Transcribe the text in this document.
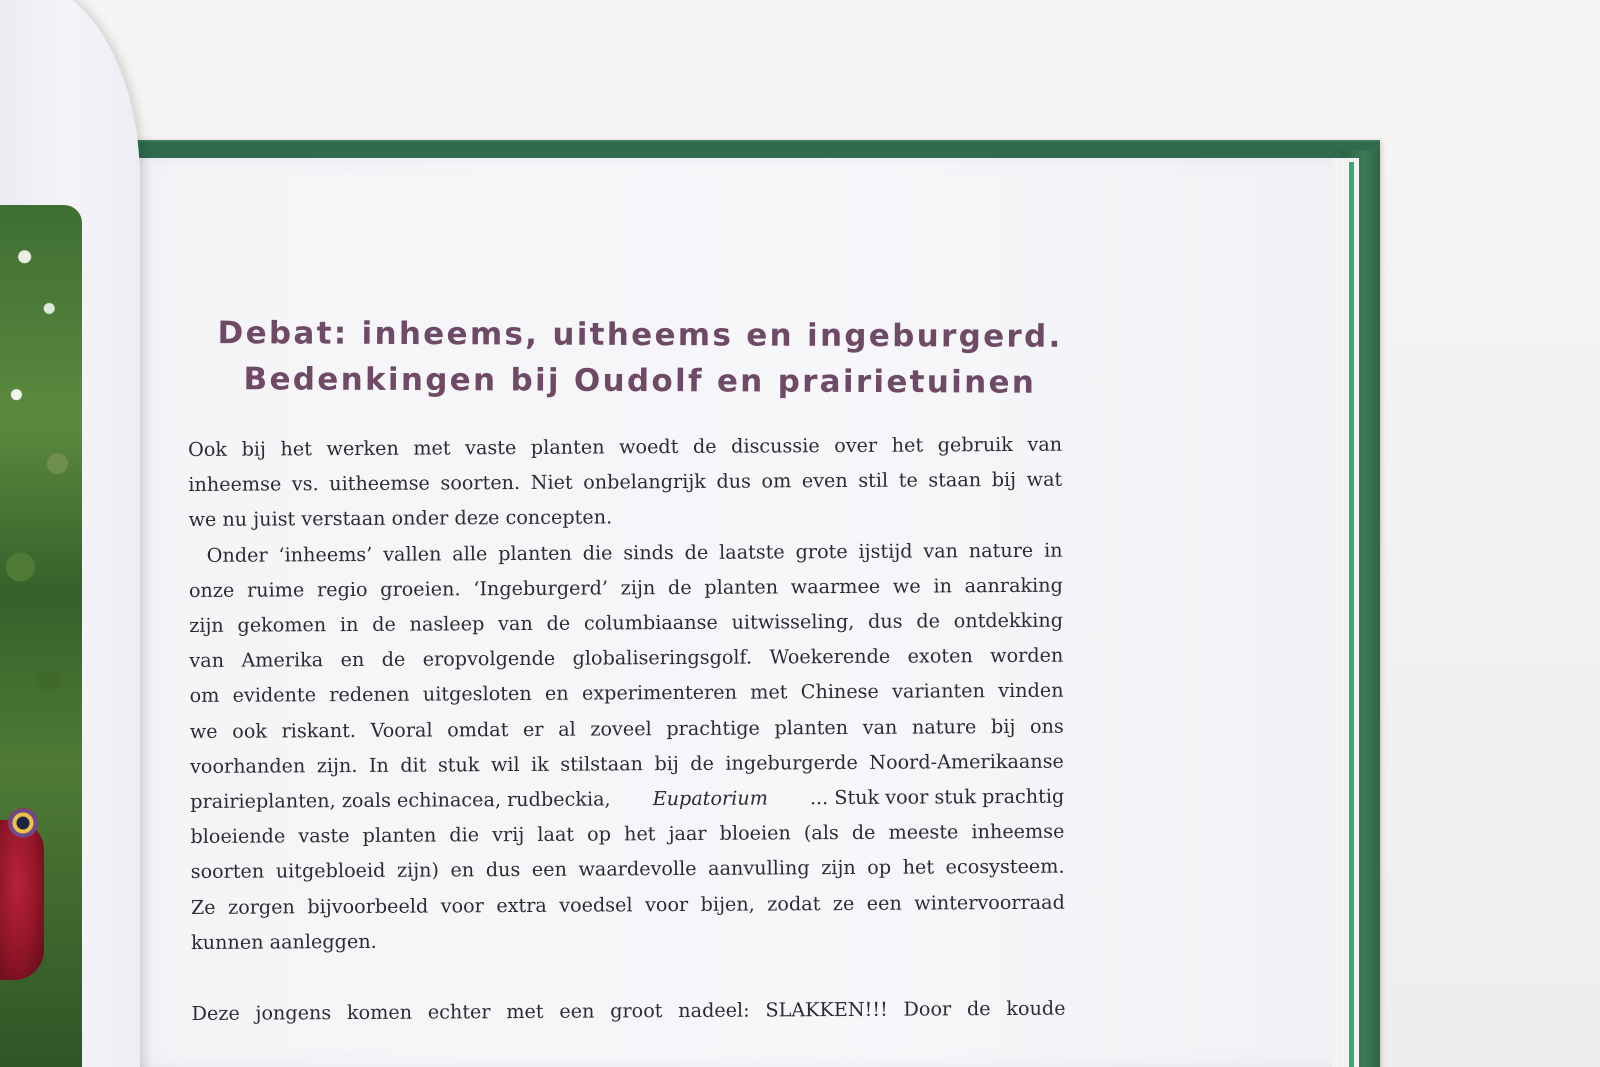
Debat: inheems, uitheems en ingeburgerd.
Bedenkingen bij Oudolf en prairietuinen
Ook bij het werken met vaste planten woedt de discussie over het gebruik van
inheemse vs. uitheemse soorten. Niet onbelangrijk dus om even stil te staan bij wat
we nu juist verstaan onder deze concepten.
Onder ‘inheems’ vallen alle planten die sinds de laatste grote ijstijd van nature in
onze ruime regio groeien. ‘Ingeburgerd’ zijn de planten waarmee we in aanraking
zijn gekomen in de nasleep van de columbiaanse uitwisseling, dus de ontdekking
van Amerika en de eropvolgende globaliseringsgolf. Woekerende exoten worden
om evidente redenen uitgesloten en experimenteren met Chinese varianten vinden
we ook riskant. Vooral omdat er al zoveel prachtige planten van nature bij ons
voorhanden zijn. In dit stuk wil ik stilstaan bij de ingeburgerde Noord-Amerikaanse
prairieplanten, zoals echinacea, rudbeckia, Eupatorium ... Stuk voor stuk prachtig
bloeiende vaste planten die vrij laat op het jaar bloeien (als de meeste inheemse
soorten uitgebloeid zijn) en dus een waardevolle aanvulling zijn op het ecosysteem.
Ze zorgen bijvoorbeeld voor extra voedsel voor bijen, zodat ze een wintervoorraad
kunnen aanleggen.
Deze jongens komen echter met een groot nadeel: SLAKKEN!!! Door de koude
